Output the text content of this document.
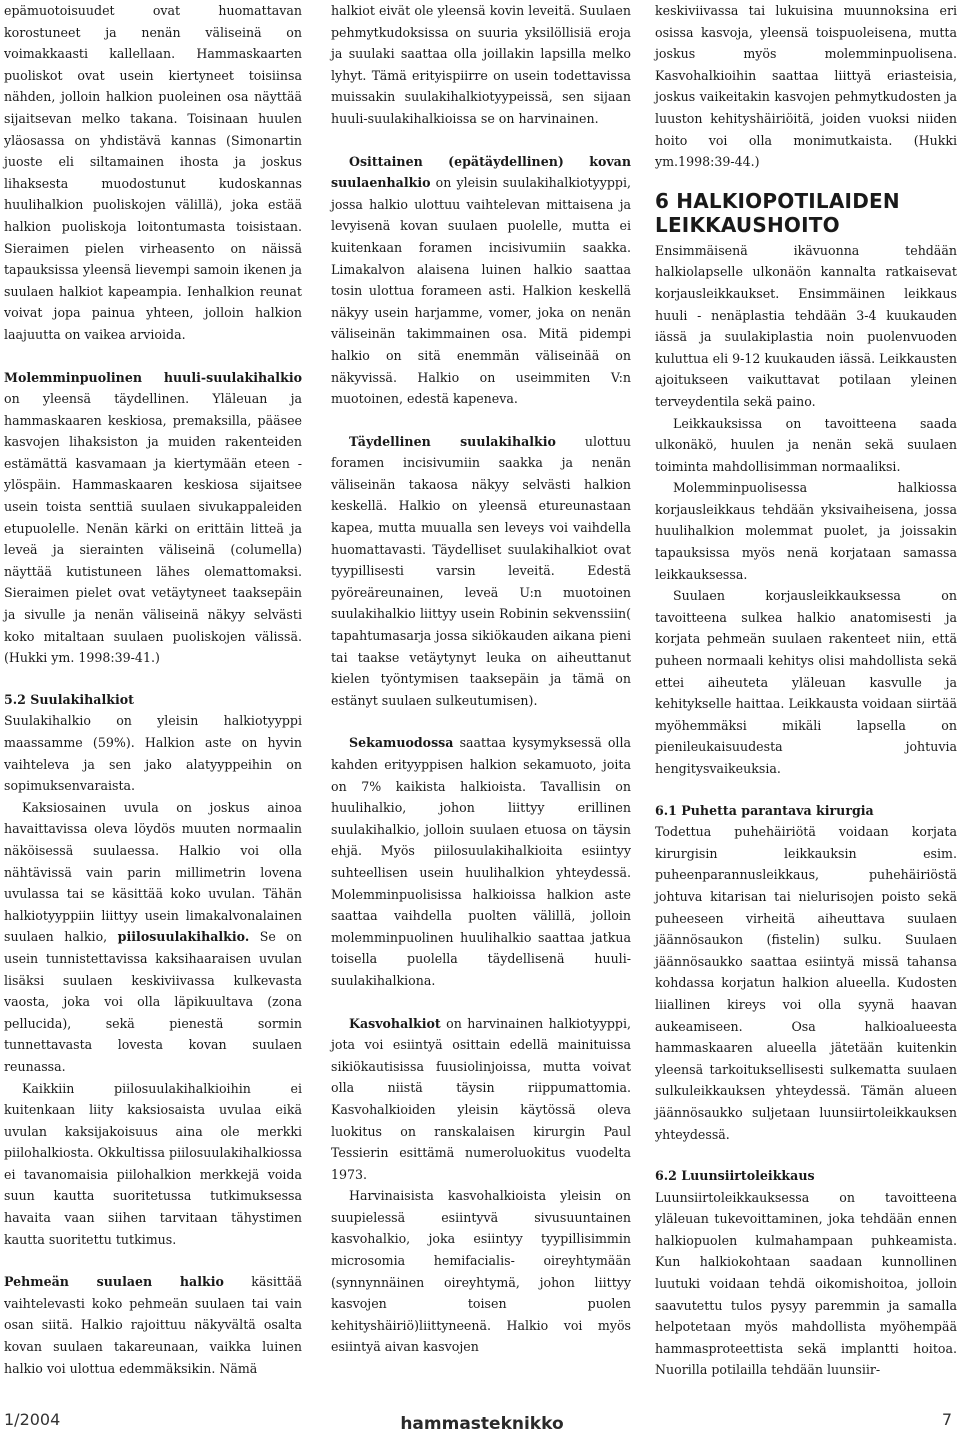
epämuotoisuudet ovat huomattavan korostuneet ja nenän väliseinä on voimakkaasti kallellaan. Hammaskaarten puoliskot ovat usein kiertyneet toisiinsa nähden, jolloin halkion puoleinen osa näyttää sijaitsevan melko takana. Toisinaan huulen yläosassa on yhdistävä kannas (Simonartin juoste eli siltamainen ihosta ja joskus lihaksesta muodostunut kudoskannas huulihalkion puoliskojen välillä), joka estää halkion puoliskoja loitontumasta toisistaan. Sieraimen pielen virheasento on näissä tapauksissa yleensä lievempi samoin ikenen ja suulaen halkiot kapeampia. Ienhalkion reunat voivat jopa painua yhteen, jolloin halkion laajuutta on vaikea arvioida.

Molemminpuolinen huuli-suulakihalkio on yleensä täydellinen. Yläleuan ja hammaskaaren keskiosa, premaksilla, pääsee kasvojen lihaksiston ja muiden rakenteiden estämättä kasvamaan ja kiertymään eteen - ylöspäin. Hammaskaaren keskiosa sijaitsee usein toista senttiä suulaen sivukappaleiden etupuolelle. Nenän kärki on erittäin litteä ja leveä ja sierainten väliseinä (columella) näyttää kutistuneen lähes olemattomaksi. Sieraimen pielet ovat vetäytyneet taaksepäin ja sivulle ja nenän väliseinä näkyy selvästi koko mitaltaan suulaen puoliskojen välissä. (Hukki ym. 1998:39-41.)

5.2 Suulakihalkiot

Suulakihalkio on yleisin halkiotyyppi maassamme (59%). Halkion aste on hyvin vaihteleva ja sen jako alatyyppeihin on sopimuksenvaraista.

Kaksiosainen uvula on joskus ainoa havaittavissa oleva löydös muuten normaalin näköisessä suulaessa. Halkio voi olla nähtävissä vain parin millimetrin lovena uvulassa tai se käsittää koko uvulan. Tähän halkiotyyppiin liittyy usein limakalvonalainen suulaen halkio, piilosuulakihalkio. Se on usein tunnistettavissa kaksihaaraisen uvulan lisäksi suulaen keskiviivassa kulkevasta vaosta, joka voi olla läpikuultava (zona pellucida), sekä pienestä sormin tunnettavasta lovesta kovan suulaen reunassa.

Kaikkiin piilosuulakihalkioihin ei kuitenkaan liity kaksiosaista uvulaa eikä uvulan kaksijakoisuus aina ole merkki piilohalkiosta. Okkultissa piilosuulakihalkiossa ei tavanomaisia piilohalkion merkkejä voida suun kautta suoritetussa tutkimuksessa havaita vaan siihen tarvitaan tähystimen kautta suoritettu tutkimus.

Pehmeän suulaen halkio käsittää vaihtelevasti koko pehmeän suulaen tai vain osan siitä. Halkio rajoittuu näkyvältä osalta kovan suulaen takareunaan, vaikka luinen halkio voi ulottua edemmäksikin. Nämä

halkiot eivät ole yleensä kovin leveitä. Suulaen pehmytkudoksissa on suuria yksilöllisiä eroja ja suulaki saattaa olla joillakin lapsilla melko lyhyt. Tämä erityispiirre on usein todettavissa muissakin suulakihalkiotyypeissä, sen sijaan huuli-suulakihalkioissa se on harvinainen.

Osittainen (epätäydellinen) kovan suulaenhalkio on yleisin suulakihalkiotyyppi, jossa halkio ulottuu vaihtelevan mittaisena ja levyisenä kovan suulaen puolelle, mutta ei kuitenkaan foramen incisivumiin saakka. Limakalvon alaisena luinen halkio saattaa tosin ulottua forameen asti. Halkion keskellä näkyy usein harjamme, vomer, joka on nenän väliseinän takimmainen osa. Mitä pidempi halkio on sitä enemmän väliseinää on näkyvissä. Halkio on useimmiten V:n muotoinen, edestä kapeneva.

Täydellinen suulakihalkio ulottuu foramen incisivumiin saakka ja nenän väliseinän takaosa näkyy selvästi halkion keskellä. Halkio on yleensä etureunastaan kapea, mutta muualla sen leveys voi vaihdella huomattavasti. Täydelliset suulakihalkiot ovat tyypillisesti varsin leveitä. Edestä pyöreäreunainen, leveä U:n muotoinen suulakihalkio liittyy usein Robinin sekvenssiin( tapahtumasarja jossa sikiökauden aikana pieni tai taakse vetäytynyt leuka on aiheuttanut kielen työntymisen taaksepäin ja tämä on estänyt suulaen sulkeutumisen).

Sekamuodossa saattaa kysymyksessä olla kahden erityyppisen halkion sekamuoto, joita on 7% kaikista halkioista. Tavallisin on huulihalkio, johon liittyy erillinen suulakihalkio, jolloin suulaen etuosa on täysin ehjä. Myös piilosuulakihalkioita esiintyy suhteellisen usein huulihalkion yhteydessä. Molemminpuolisissa halkioissa halkion aste saattaa vaihdella puolten välillä, jolloin molemminpuolinen huulihalkio saattaa jatkua toisella puolella täydellisenä huuli-suulakihalkiona.

Kasvohalkiot on harvinainen halkiotyyppi, jota voi esiintyä osittain edellä mainituissa sikiökautisissa fuusiolinjoissa, mutta voivat olla niistä täysin riippumattomia. Kasvohalkioiden yleisin käytössä oleva luokitus on ranskalaisen kirurgin Paul Tessierin esittämä numeroluokitus vuodelta 1973.

Harvinaisista kasvohalkioista yleisin on suupielessä esiintyvä sivusuuntainen kasvohalkio, joka esiintyy tyypillisimmin microsomia hemifacialis- oireyhtymään (synnynnäinen oireyhtymä, johon liittyy kasvojen toisen puolen kehityshäiriö)liittyneenä. Halkio voi myös esiintyä aivan kasvojen

keskiviivassa tai lukuisina muunnoksina eri osissa kasvoja, yleensä toispuoleisena, mutta joskus myös molemminpuolisena. Kasvohalkioihin saattaa liittyä eriasteisia, joskus vaikeitakin kasvojen pehmytkudosten ja luuston kehityshäiriöitä, joiden vuoksi niiden hoito voi olla monimutkaista. (Hukki ym.1998:39-44.)

6 HALKIOPOTILAIDEN
LEIKKAUSHOITO

Ensimmäisenä ikävuonna tehdään halkiolapselle ulkonäön kannalta ratkaisevat korjausleikkaukset. Ensimmäinen leikkaus huuli - nenäplastia tehdään 3-4 kuukauden iässä ja suulakiplastia noin puolenvuoden kuluttua eli 9-12 kuukauden iässä. Leikkausten ajoitukseen vaikuttavat potilaan yleinen terveydentila sekä paino.

Leikkauksissa on tavoitteena saada ulkonäkö, huulen ja nenän sekä suulaen toiminta mahdollisimman normaaliksi.

Molemminpuolisessa halkiossa korjausleikkaus tehdään yksivaiheisena, jossa huulihalkion molemmat puolet, ja joissakin tapauksissa myös nenä korjataan samassa leikkauksessa.

Suulaen korjausleikkauksessa on tavoitteena sulkea halkio anatomisesti ja korjata pehmeän suulaen rakenteet niin, että puheen normaali kehitys olisi mahdollista sekä ettei aiheuteta yläleuan kasvulle ja kehitykselle haittaa. Leikkausta voidaan siirtää myöhemmäksi mikäli lapsella on pienileukaisuudesta johtuvia hengitysvaikeuksia.

6.1 Puhetta parantava kirurgia

Todettua puhehäiriötä voidaan korjata kirurgisin leikkauksin esim. puheenparannusleikkaus, puhehäiriöstä johtuva kitarisan tai nielurisojen poisto sekä puheeseen virheitä aiheuttava suulaen jäännösaukon (fistelin) sulku. Suulaen jäännösaukko saattaa esiintyä missä tahansa kohdassa korjatun halkion alueella. Kudosten liiallinen kireys voi olla syynä haavan aukeamiseen. Osa halkioalueesta hammaskaaren alueella jätetään kuitenkin yleensä tarkoituksellisesti sulkematta suulaen sulkuleikkauksen yhteydessä. Tämän alueen jäännösaukko suljetaan luunsiirtoleikkauksen yhteydessä.

6.2 Luunsiirtoleikkaus

Luunsiirtoleikkauksessa on tavoitteena yläleuan tukevoittaminen, joka tehdään ennen halkiopuolen kulmahampaan puhkeamista. Kun halkiokohtaan saadaan kunnollinen luutuki voidaan tehdä oikomishoitoa, jolloin saavutettu tulos pysyy paremmin ja samalla helpotetaan myös mahdollista myöhempää hammasproteettista sekä implantti hoitoa. Nuorilla potilailla tehdään luunsiir-

1/2004	hammasteknikko	7
